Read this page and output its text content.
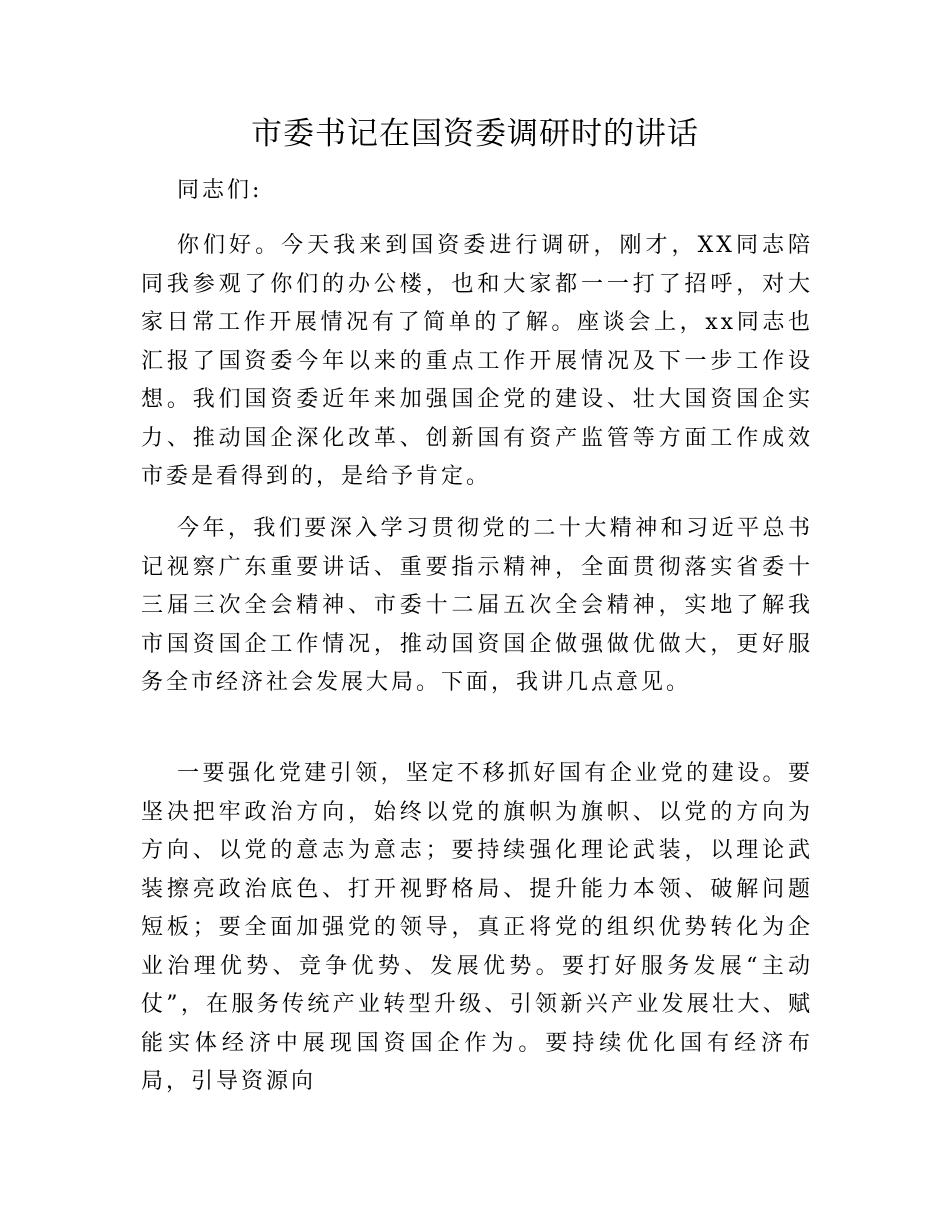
市委书记在国资委调研时的讲话

同志们:

你们好。今天我来到国资委进行调研，刚才，XX同志陪同我参观了你们的办公楼，也和大家都一一打了招呼，对大家日常工作开展情况有了简单的了解。座谈会上，xx同志也汇报了国资委今年以来的重点工作开展情况及下一步工作设想。我们国资委近年来加强国企党的建设、壮大国资国企实力、推动国企深化改革、创新国有资产监管等方面工作成效市委是看得到的，是给予肯定。

今年，我们要深入学习贯彻党的二十大精神和习近平总书记视察广东重要讲话、重要指示精神，全面贯彻落实省委十三届三次全会精神、市委十二届五次全会精神，实地了解我市国资国企工作情况，推动国资国企做强做优做大，更好服务全市经济社会发展大局。下面，我讲几点意见。

一要强化党建引领，坚定不移抓好国有企业党的建设。要坚决把牢政治方向，始终以党的旗帜为旗帜、以党的方向为方向、以党的意志为意志；要持续强化理论武装，以理论武装擦亮政治底色、打开视野格局、提升能力本领、破解问题短板；要全面加强党的领导，真正将党的组织优势转化为企业治理优势、竞争优势、发展优势。要打好服务发展“主动仗”，在服务传统产业转型升级、引领新兴产业发展壮大、赋能实体经济中展现国资国企作为。要持续优化国有经济布局，引导资源向
